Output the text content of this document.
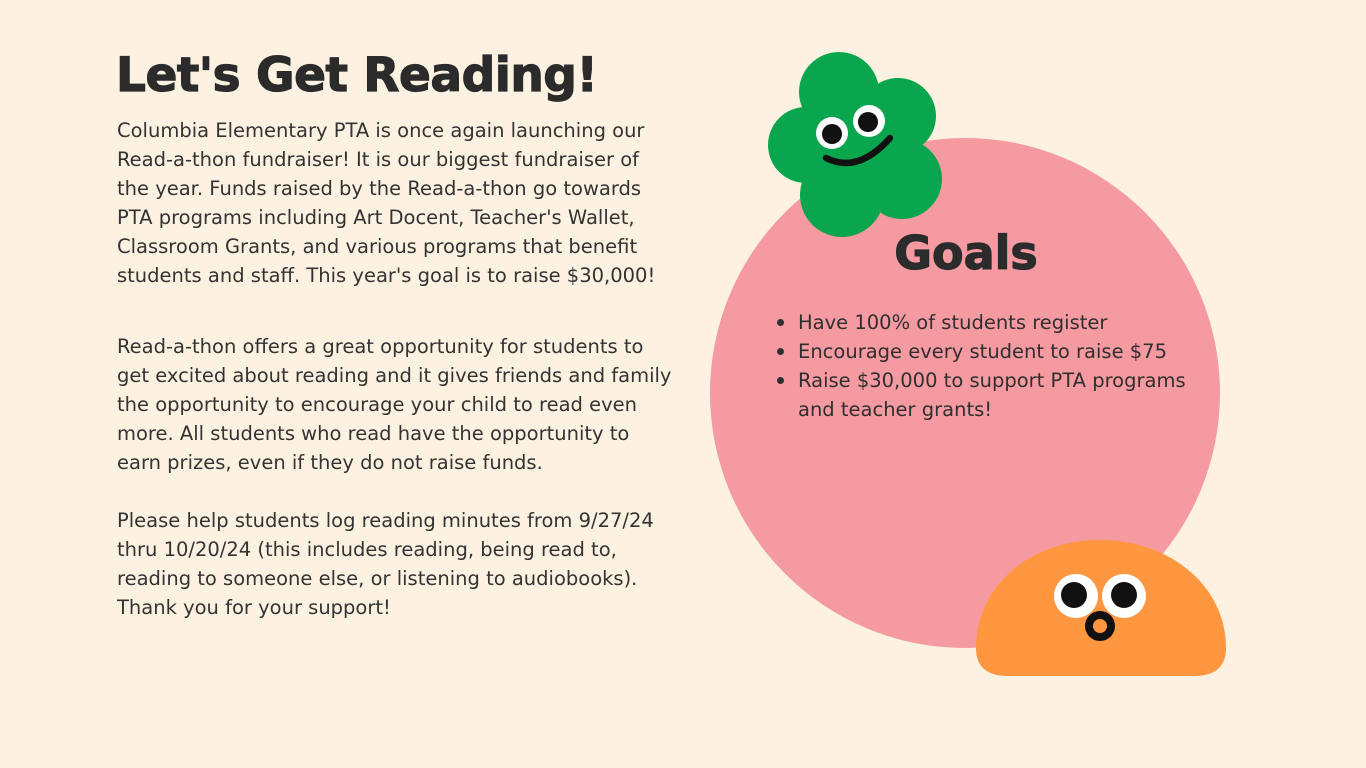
Let's Get Reading!

Columbia Elementary PTA is once again launching our Read-a-thon fundraiser! It is our biggest fundraiser of the year. Funds raised by the Read-a-thon go towards PTA programs including Art Docent, Teacher's Wallet, Classroom Grants, and various programs that benefit students and staff. This year's goal is to raise $30,000!

Read-a-thon offers a great opportunity for students to get excited about reading and it gives friends and family the opportunity to encourage your child to read even more. All students who read have the opportunity to earn prizes, even if they do not raise funds.

Please help students log reading minutes from 9/27/24 thru 10/20/24 (this includes reading, being read to, reading to someone else, or listening to audiobooks). Thank you for your support!

Goals
Have 100% of students register
Encourage every student to raise $75
Raise $30,000 to support PTA programs and teacher grants!
